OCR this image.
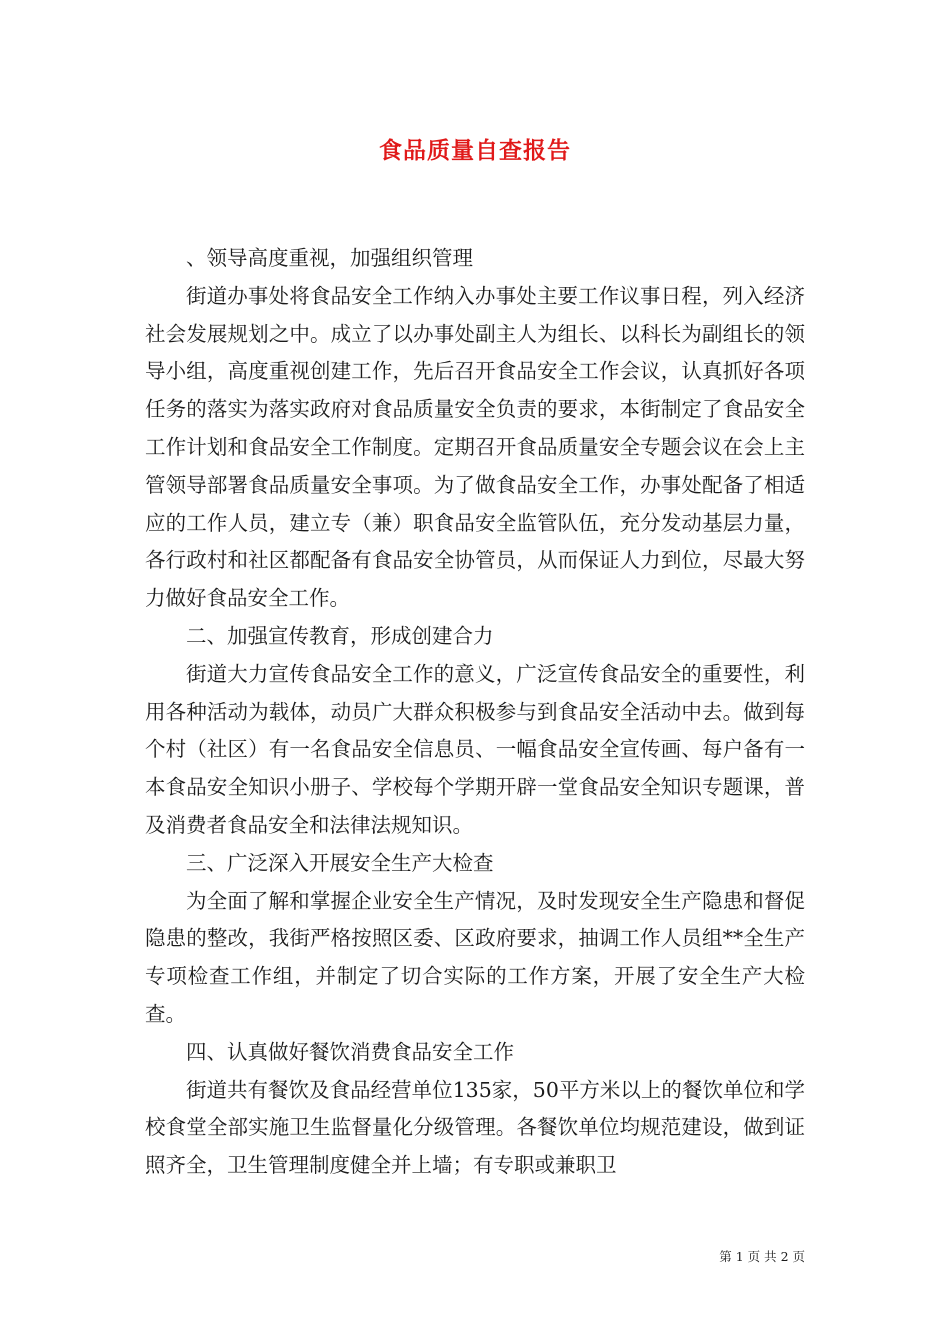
食品质量自查报告

、领导高度重视，加强组织管理

街道办事处将食品安全工作纳入办事处主要工作议事日程，列入经济社会发展规划之中。成立了以办事处副主人为组长、以科长为副组长的领导小组，高度重视创建工作，先后召开食品安全工作会议，认真抓好各项任务的落实为落实政府对食品质量安全负责的要求，本街制定了食品安全工作计划和食品安全工作制度。定期召开食品质量安全专题会议在会上主管领导部署食品质量安全事项。为了做食品安全工作，办事处配备了相适应的工作人员，建立专（兼）职食品安全监管队伍，充分发动基层力量，各行政村和社区都配备有食品安全协管员，从而保证人力到位，尽最大努力做好食品安全工作。

二、加强宣传教育，形成创建合力

街道大力宣传食品安全工作的意义，广泛宣传食品安全的重要性，利用各种活动为载体，动员广大群众积极参与到食品安全活动中去。做到每个村（社区）有一名食品安全信息员、一幅食品安全宣传画、每户备有一本食品安全知识小册子、学校每个学期开辟一堂食品安全知识专题课，普及消费者食品安全和法律法规知识。

三、广泛深入开展安全生产大检查

为全面了解和掌握企业安全生产情况，及时发现安全生产隐患和督促隐患的整改，我街严格按照区委、区政府要求，抽调工作人员组**全生产专项检查工作组，并制定了切合实际的工作方案，开展了安全生产大检查。

四、认真做好餐饮消费食品安全工作

街道共有餐饮及食品经营单位135家，50平方米以上的餐饮单位和学校食堂全部实施卫生监督量化分级管理。各餐饮单位均规范建设，做到证照齐全，卫生管理制度健全并上墙；有专职或兼职卫

第 1 页 共 2 页
